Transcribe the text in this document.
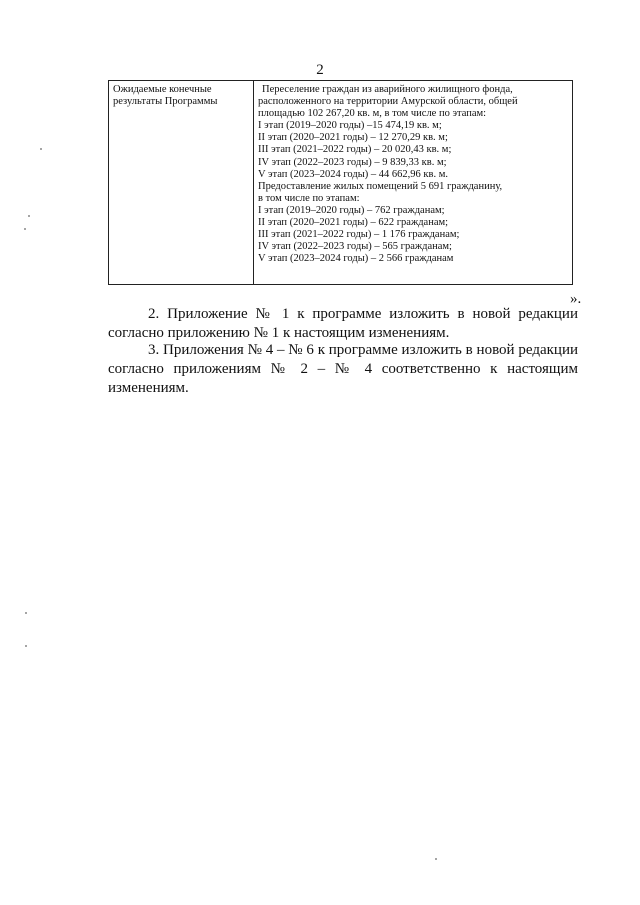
2
Ожидаемые конечные результаты Программы
Переселение граждан из аварийного жилищного фонда,
расположенного на территории Амурской области, общей
площадью 102 267,20 кв. м, в том числе по этапам:
I этап (2019–2020 годы) –15 474,19 кв. м;
II этап (2020–2021 годы) – 12 270,29 кв. м;
III этап (2021–2022 годы) – 20 020,43 кв. м;
IV этап (2022–2023 годы) – 9 839,33 кв. м;
V этап (2023–2024 годы) – 44 662,96 кв. м.
Предоставление жилых помещений 5 691 гражданину,
в том числе по этапам:
I этап (2019–2020 годы) – 762 гражданам;
II этап (2020–2021 годы) – 622 гражданам;
III этап (2021–2022 годы) – 1 176 гражданам;
IV этап (2022–2023 годы) – 565 гражданам;
V этап (2023–2024 годы) – 2 566 гражданам
».
2. Приложение № 1 к программе изложить в новой редакции согласно приложению № 1 к настоящим изменениям.
3. Приложения № 4 – № 6 к программе изложить в новой редакции согласно приложениям № 2 – № 4 соответственно к настоящим изменениям.
